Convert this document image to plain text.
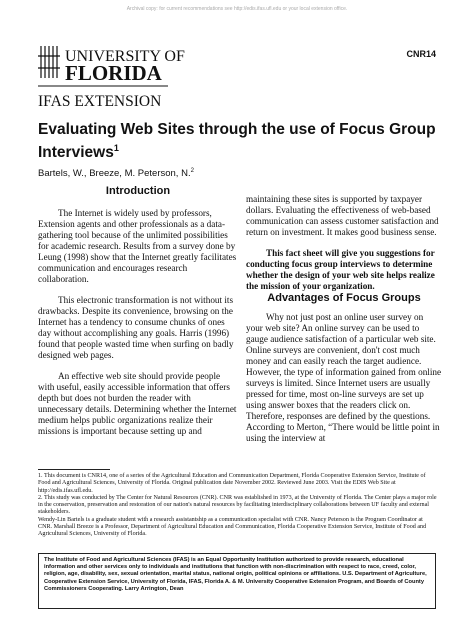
Archival copy: for current recommendations see http://edis.ifas.ufl.edu or your local extension office.
CNR14
UNIVERSITY OF
FLORIDA
IFAS EXTENSION
Evaluating Web Sites through the use of Focus Group Interviews$^1$
Bartels, W., Breeze, M. Peterson, N.$^2$
Introduction

The Internet is widely used by professors, Extension agents and other professionals as a data-gathering tool because of the unlimited possibilities for academic research. Results from a survey done by Leung (1998) show that the Internet greatly facilitates communication and encourages research collaboration.

This electronic transformation is not without its drawbacks. Despite its convenience, browsing on the Internet has a tendency to consume chunks of ones day without accomplishing any goals. Harris (1996) found that people wasted time when surfing on badly designed web pages.

An effective web site should provide people with useful, easily accessible information that offers depth but does not burden the reader with unnecessary details. Determining whether the Internet medium helps public organizations realize their missions is important because setting up and

maintaining these sites is supported by taxpayer dollars. Evaluating the effectiveness of web-based communication can assess customer satisfaction and return on investment. It makes good business sense.

This fact sheet will give you suggestions for conducting focus group interviews to determine whether the design of your web site helps realize the mission of your organization.

Advantages of Focus Groups

Why not just post an online user survey on your web site? An online survey can be used to gauge audience satisfaction of a particular web site. Online surveys are convenient, don't cost much money and can easily reach the target audience. However, the type of information gained from online surveys is limited. Since Internet users are usually pressed for time, most on-line surveys are set up using answer boxes that the readers click on. Therefore, responses are defined by the questions. According to Merton, “There would be little point in using the interview at

1. This document is CNR14, one of a series of the Agricultural Education and Communication Department, Florida Cooperative Extension Service, Institute of Food and Agricultural Sciences, University of Florida. Original publication date November 2002. Reviewed June 2003. Visit the EDIS Web Site at http://edis.ifas.ufl.edu.

2. This study was conducted by The Center for Natural Resources (CNR). CNR was established in 1973, at the University of Florida. The Center plays a major role in the conservation, preservation and restoration of our nation's natural resources by facilitating interdisciplinary collaborations between UF faculty and external stakeholders.

Wendy-Lin Bartels is a graduate student with a research assistantship as a communication specialist with CNR. Nancy Peterson is the Program Coordinator at CNR. Marshall Breeze is a Professor, Department of Agricultural Education and Communication, Florida Cooperative Extension Service, Institute of Food and Agricultural Sciences, University of Florida.

The Institute of Food and Agricultural Sciences (IFAS) is an Equal Opportunity Institution authorized to provide research, educational information and other services only to individuals and institutions that function with non-discrimination with respect to race, creed, color, religion, age, disability, sex, sexual orientation, marital status, national origin, political opinions or affiliations. U.S. Department of Agriculture, Cooperative Extension Service, University of Florida, IFAS, Florida A. & M. University Cooperative Extension Program, and Boards of County Commissioners Cooperating. Larry Arrington, Dean
